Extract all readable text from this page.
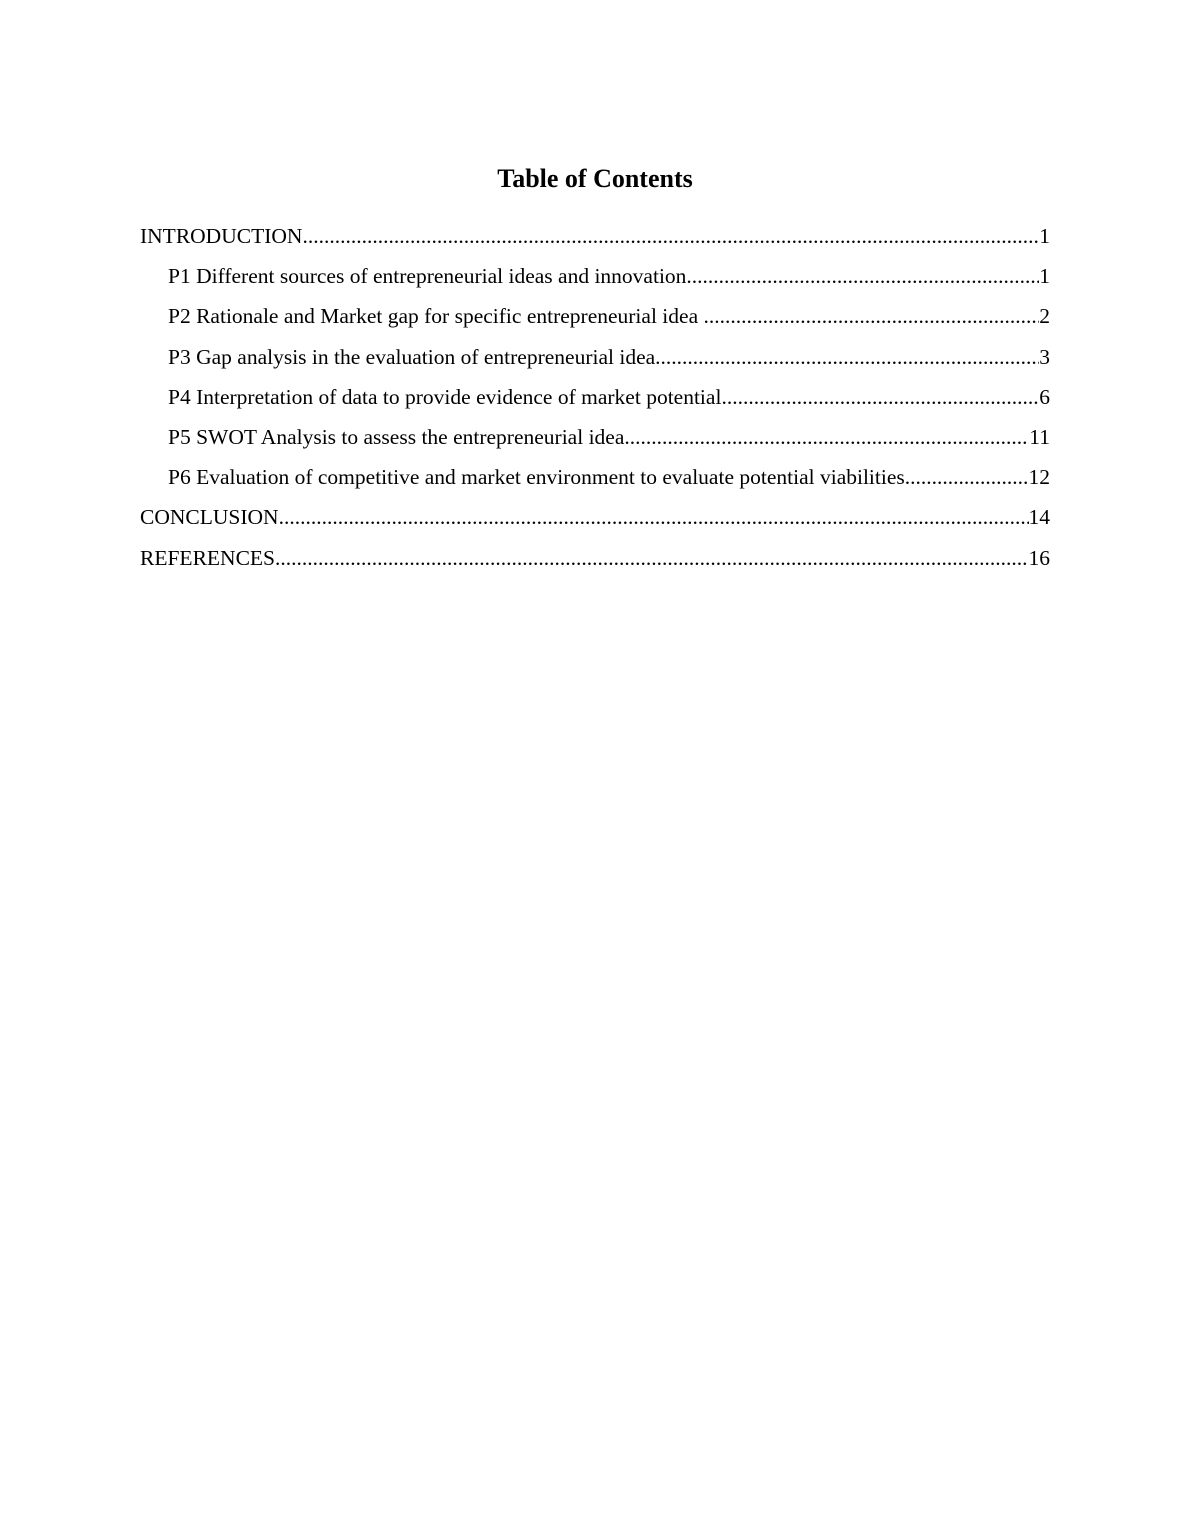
Table of Contents
INTRODUCTION .....	1
P1 Different sources of entrepreneurial ideas and innovation .....	1
P2 Rationale and Market gap for specific entrepreneurial idea .....	2
P3 Gap analysis in the evaluation of entrepreneurial idea .....	3
P4 Interpretation of data to provide evidence of market potential .....	6
P5 SWOT Analysis to assess the entrepreneurial idea .....	11
P6 Evaluation of competitive and market environment to evaluate potential viabilities .....	12
CONCLUSION .....	14
REFERENCES .....	16
